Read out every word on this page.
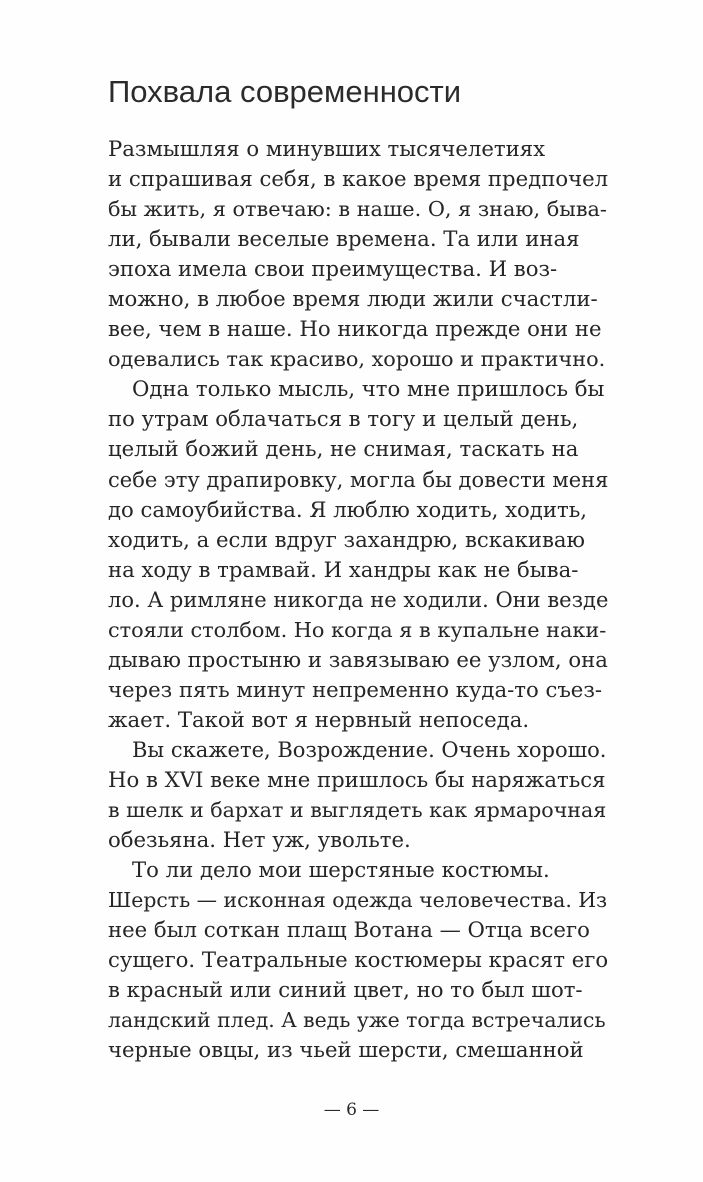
Похвала современности
Размышляя о минувших тысячелетиях
и спрашивая себя, в какое время предпочел
бы жить, я отвечаю: в наше. О, я знаю, быва-
ли, бывали веселые времена. Та или иная
эпоха имела свои преимущества. И воз-
можно, в любое время люди жили счастли-
вее, чем в наше. Но никогда прежде они не
одевались так красиво, хорошо и практично.
Одна только мысль, что мне пришлось бы
по утрам облачаться в тогу и целый день,
целый божий день, не снимая, таскать на
себе эту драпировку, могла бы довести меня
до самоубийства. Я люблю ходить, ходить,
ходить, а если вдруг захандрю, вскакиваю
на ходу в трамвай. И хандры как не быва-
ло. А римляне никогда не ходили. Они везде
стояли столбом. Но когда я в купальне наки-
дываю простыню и завязываю ее узлом, она
через пять минут непременно куда-то съез-
жает. Такой вот я нервный непоседа.
Вы скажете, Возрождение. Очень хорошо.
Но в XVI веке мне пришлось бы наряжаться
в шелк и бархат и выглядеть как ярмарочная
обезьяна. Нет уж, увольте.
То ли дело мои шерстяные костюмы.
Шерсть — исконная одежда человечества. Из
нее был соткан плащ Вотана — Отца всего
сущего. Театральные костюмеры красят его
в красный или синий цвет, но то был шот-
ландский плед. А ведь уже тогда встречались
черные овцы, из чьей шерсти, смешанной
— 6 —
